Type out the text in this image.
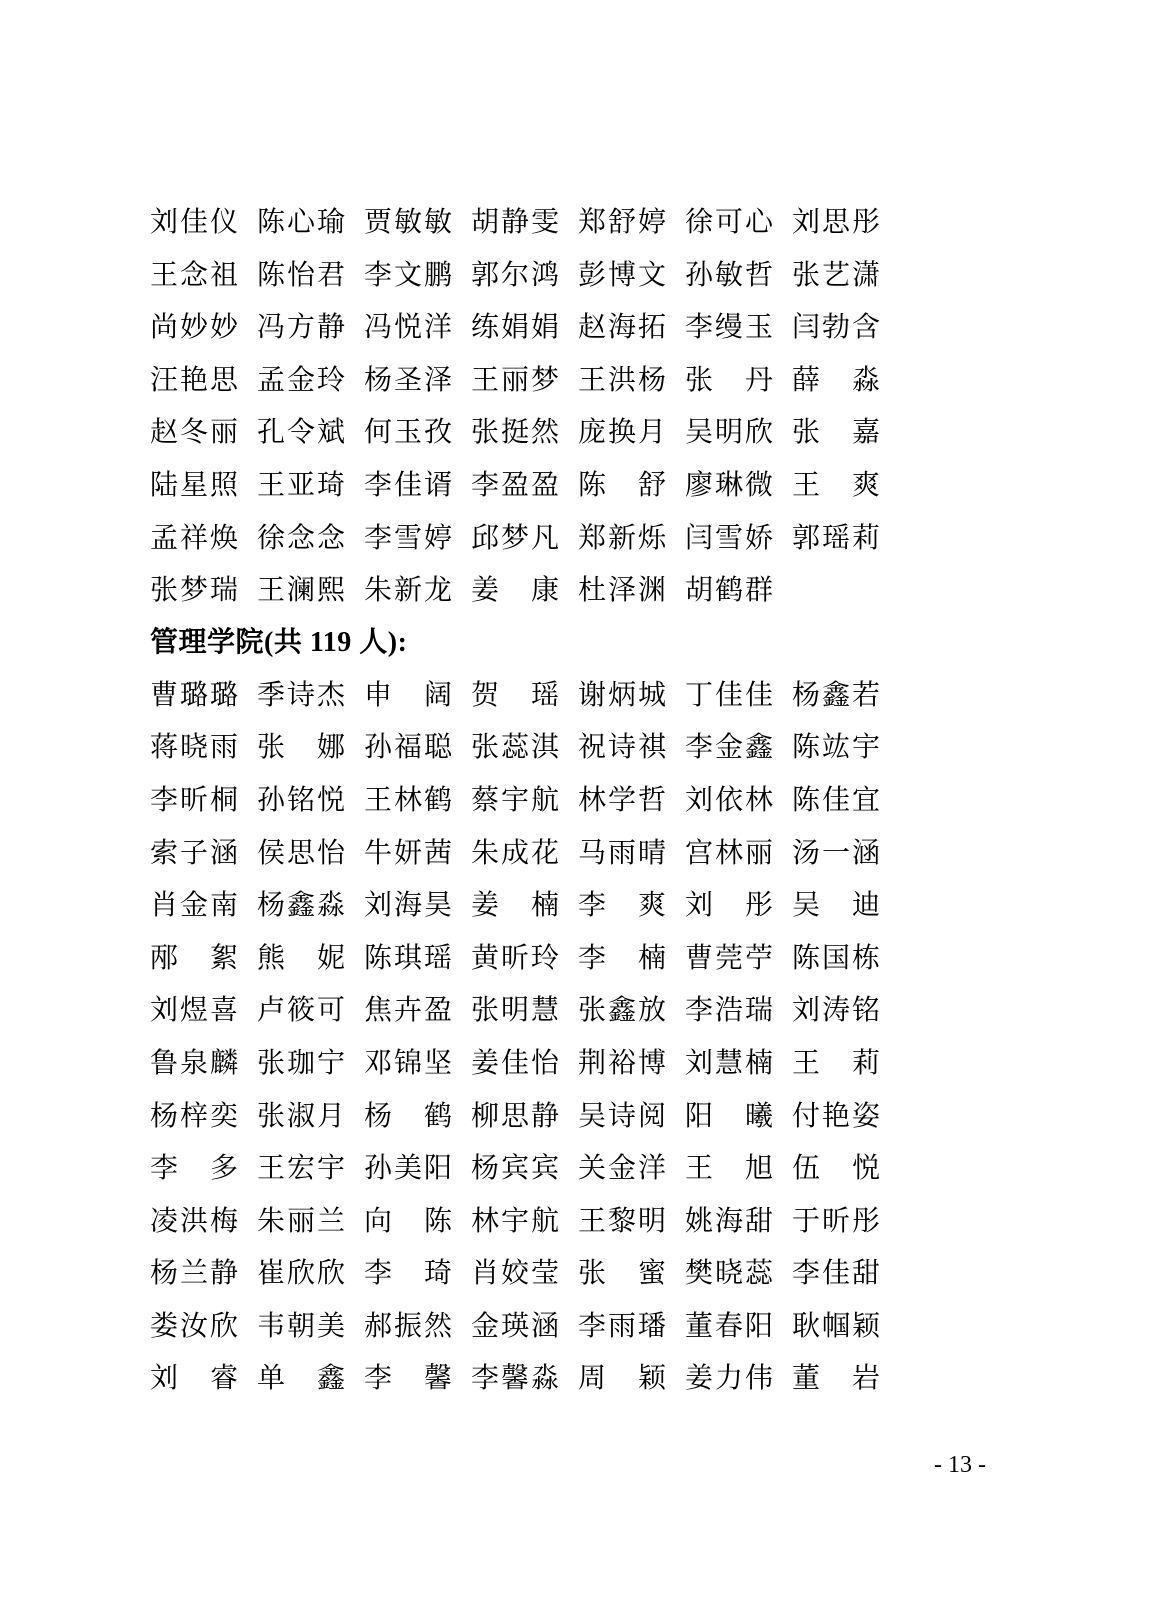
刘 佳 仪 陈 心 瑜 贾 敏 敏 胡 静 雯 郑 舒 婷 徐 可 心 刘 思 彤
王 念 祖 陈 怡 君 李 文 鹏 郭 尔 鸿 彭 博 文 孙 敏 哲 张 艺 潇
尚 妙 妙 冯 方 静 冯 悦 洋 练 娟 娟 赵 海 拓 李 缦 玉 闫 勃 含
汪 艳 思 孟 金 玲 杨 圣 泽 王 丽 梦 王 洪 杨 张 丹 薛 淼
赵 冬 丽 孔 令 斌 何 玉 孜 张 挺 然 庞 换 月 吴 明 欣 张 嘉
陆 星 照 王 亚 琦 李 佳 谞 李 盈 盈 陈 舒 廖 琳 微 王 爽
孟 祥 焕 徐 念 念 李 雪 婷 邱 梦 凡 郑 新 烁 闫 雪 娇 郭 瑶 莉
张 梦 瑞 王 澜 熙 朱 新 龙 姜 康 杜 泽 渊 胡 鹤 群
管理学院(共 119 人):
曹 璐 璐 季 诗 杰 申 阔 贺 瑶 谢 炳 城 丁 佳 佳 杨 鑫 若
蒋 晓 雨 张 娜 孙 福 聪 张 蕊 淇 祝 诗 祺 李 金 鑫 陈 竑 宇
李 昕 桐 孙 铭 悦 王 林 鹤 蔡 宇 航 林 学 哲 刘 依 林 陈 佳 宜
索 子 涵 侯 思 怡 牛 妍 茜 朱 成 花 马 雨 晴 宫 林 丽 汤 一 涵
肖 金 南 杨 鑫 淼 刘 海 昊 姜 楠 李 爽 刘 彤 吴 迪
邴 絮 熊 妮 陈 琪 瑶 黄 昕 玲 李 楠 曹 莞 苧 陈 国 栋
刘 煜 喜 卢 筱 可 焦 卉 盈 张 明 慧 张 鑫 放 李 浩 瑞 刘 涛 铭
鲁 泉 麟 张 珈 宁 邓 锦 坚 姜 佳 怡 荆 裕 博 刘 慧 楠 王 莉
杨 梓 奕 张 淑 月 杨 鹤 柳 思 静 吴 诗 阅 阳 曦 付 艳 姿
李 多 王 宏 宇 孙 美 阳 杨 宾 宾 关 金 洋 王 旭 伍 悦
凌 洪 梅 朱 丽 兰 向 陈 林 宇 航 王 黎 明 姚 海 甜 于 昕 彤
杨 兰 静 崔 欣 欣 李 琦 肖 姣 莹 张 蜜 樊 晓 蕊 李 佳 甜
娄 汝 欣 韦 朝 美 郝 振 然 金 瑛 涵 李 雨 璠 董 春 阳 耿 帼 颖
刘 睿 单 鑫 李 馨 李 馨 淼 周 颖 姜 力 伟 董 岩
- 13 -
